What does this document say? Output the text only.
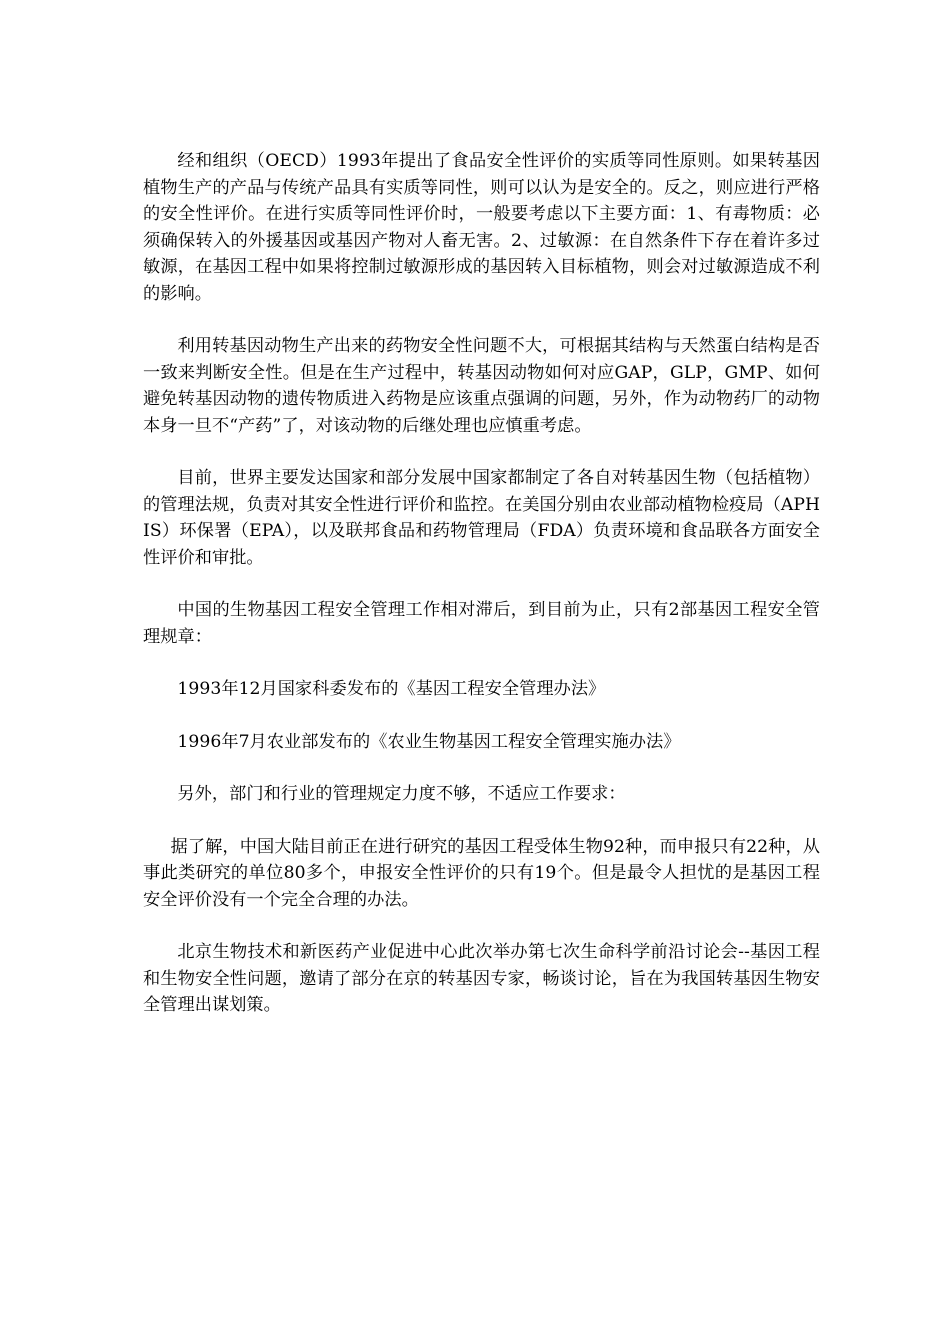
经和组织（OECD）1993年提出了食品安全性评价的实质等同性原则。如果转基因植物生产的产品与传统产品具有实质等同性，则可以认为是安全的。反之，则应进行严格的安全性评价。在进行实质等同性评价时，一般要考虑以下主要方面：1、有毒物质：必须确保转入的外援基因或基因产物对人畜无害。2、过敏源：在自然条件下存在着许多过敏源，在基因工程中如果将控制过敏源形成的基因转入目标植物，则会对过敏源造成不利的影响。

利用转基因动物生产出来的药物安全性问题不大，可根据其结构与天然蛋白结构是否一致来判断安全性。但是在生产过程中，转基因动物如何对应GAP，GLP，GMP、如何避免转基因动物的遗传物质进入药物是应该重点强调的问题，另外，作为动物药厂的动物本身一旦不“产药”了，对该动物的后继处理也应慎重考虑。

目前，世界主要发达国家和部分发展中国家都制定了各自对转基因生物（包括植物）的管理法规，负责对其安全性进行评价和监控。在美国分别由农业部动植物检疫局（APHIS）环保署（EPA），以及联邦食品和药物管理局（FDA）负责环境和食品联各方面安全性评价和审批。

中国的生物基因工程安全管理工作相对滞后，到目前为止，只有2部基因工程安全管理规章：

1993年12月国家科委发布的《基因工程安全管理办法》

1996年7月农业部发布的《农业生物基因工程安全管理实施办法》

另外，部门和行业的管理规定力度不够，不适应工作要求：

据了解，中国大陆目前正在进行研究的基因工程受体生物92种，而申报只有22种，从事此类研究的单位80多个，申报安全性评价的只有19个。但是最令人担忧的是基因工程安全评价没有一个完全合理的办法。

北京生物技术和新医药产业促进中心此次举办第七次生命科学前沿讨论会--基因工程和生物安全性问题，邀请了部分在京的转基因专家，畅谈讨论，旨在为我国转基因生物安全管理出谋划策。
